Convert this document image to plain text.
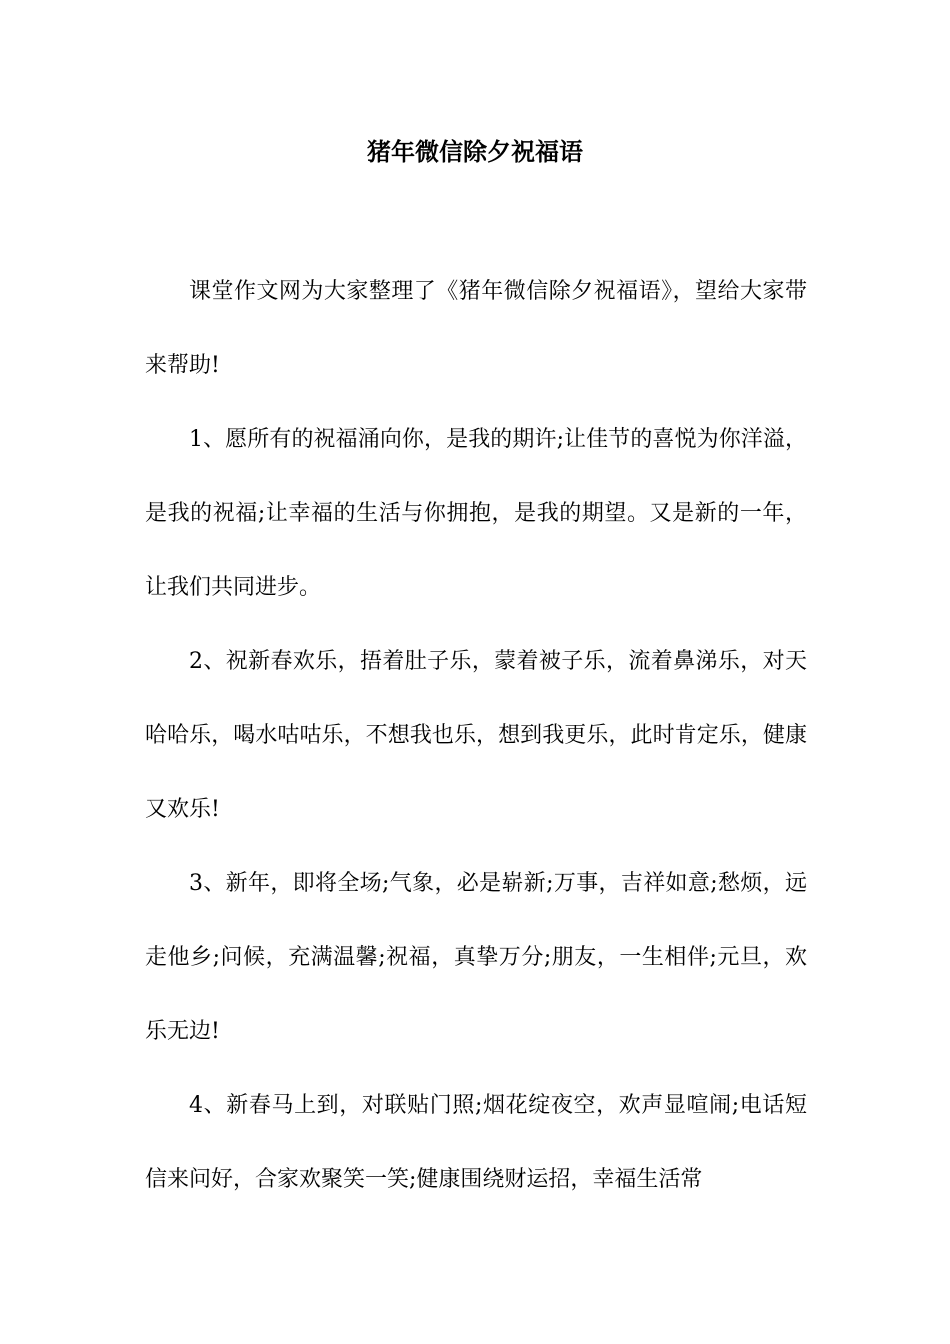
猪年微信除夕祝福语

课堂作文网为大家整理了《猪年微信除夕祝福语》，望给大家带来帮助!

1、愿所有的祝福涌向你，是我的期许;让佳节的喜悦为你洋溢，是我的祝福;让幸福的生活与你拥抱，是我的期望。又是新的一年，让我们共同进步。

2、祝新春欢乐，捂着肚子乐，蒙着被子乐，流着鼻涕乐，对天哈哈乐，喝水咕咕乐，不想我也乐，想到我更乐，此时肯定乐，健康又欢乐!

3、新年，即将全场;气象，必是崭新;万事，吉祥如意;愁烦，远走他乡;问候，充满温馨;祝福，真挚万分;朋友，一生相伴;元旦，欢乐无边!

4、新春马上到，对联贴门照;烟花绽夜空，欢声显喧闹;电话短信来问好，合家欢聚笑一笑;健康围绕财运招，幸福生活常
